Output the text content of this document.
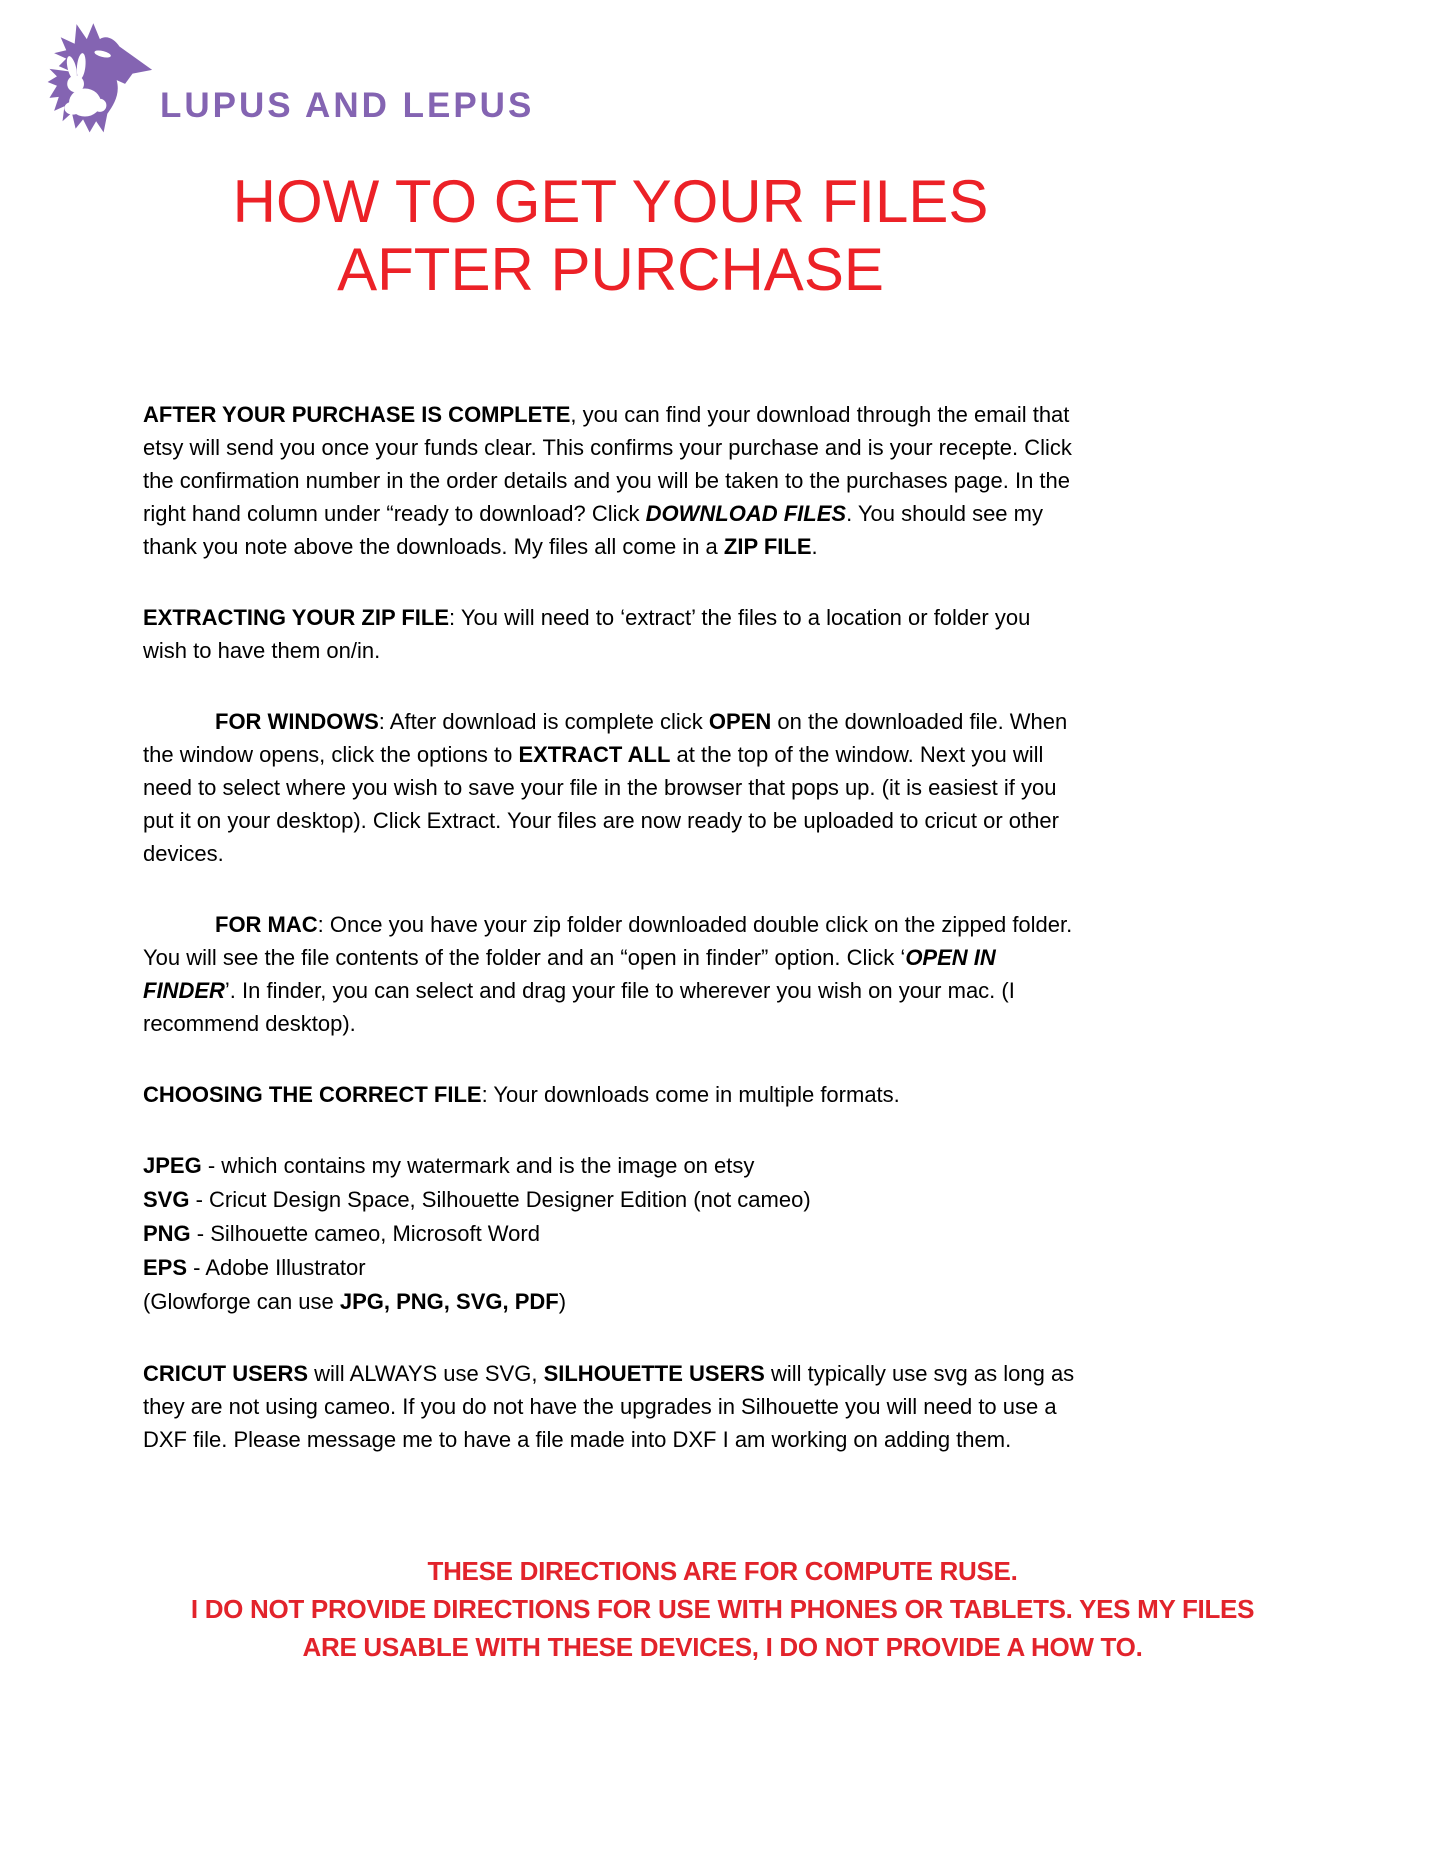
LUPUS AND LEPUS
HOW TO GET YOUR FILES
AFTER PURCHASE

AFTER YOUR PURCHASE IS COMPLETE, you can find your download through the email that etsy will send you once your funds clear. This confirms your purchase and is your recepte. Click the confirmation number in the order details and you will be taken to the purchases page. In the right hand column under “ready to download? Click DOWNLOAD FILES. You should see my thank you note above the downloads. My files all come in a ZIP FILE.

EXTRACTING YOUR ZIP FILE: You will need to ‘extract’ the files to a location or folder you wish to have them on/in.

FOR WINDOWS: After download is complete click OPEN on the downloaded file. When the window opens, click the options to EXTRACT ALL at the top of the window. Next you will need to select where you wish to save your file in the browser that pops up. (it is easiest if you put it on your desktop). Click Extract. Your files are now ready to be uploaded to cricut or other devices.

FOR MAC: Once you have your zip folder downloaded double click on the zipped folder. You will see the file contents of the folder and an “open in finder” option. Click ‘OPEN IN FINDER’. In finder, you can select and drag your file to wherever you wish on your mac. (I recommend desktop).

CHOOSING THE CORRECT FILE: Your downloads come in multiple formats.

JPEG - which contains my watermark and is the image on etsy
SVG - Cricut Design Space, Silhouette Designer Edition (not cameo)
PNG - Silhouette cameo, Microsoft Word
EPS - Adobe Illustrator
(Glowforge can use JPG, PNG, SVG, PDF)

CRICUT USERS will ALWAYS use SVG, SILHOUETTE USERS will typically use svg as long as they are not using cameo. If you do not have the upgrades in Silhouette you will need to use a DXF file. Please message me to have a file made into DXF I am working on adding them.

THESE DIRECTIONS ARE FOR COMPUTE RUSE.
I DO NOT PROVIDE DIRECTIONS FOR USE WITH PHONES OR TABLETS. YES MY FILES
ARE USABLE WITH THESE DEVICES, I DO NOT PROVIDE A HOW TO.
